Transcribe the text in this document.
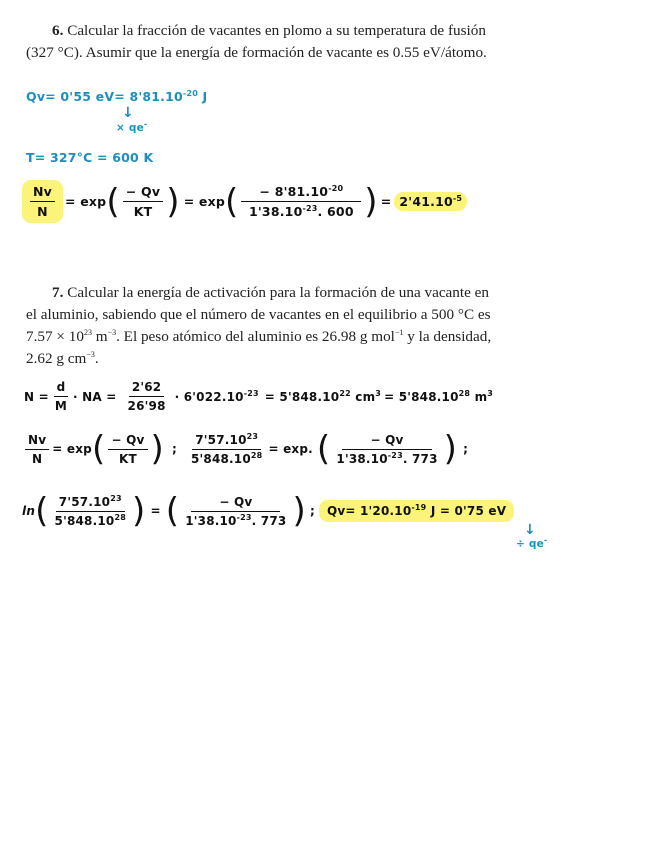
6. Calcular la fracción de vacantes en plomo a su temperatura de fusión
(327 °C). Asumir que la energía de formación de vacante es 0.55 eV/átomo.
Qv= 0'55 $eV= 8'81.10^{-20}$ J
↓
× qe-
T= 327°C = 600 K
$\frac{Nv}{N} = \exp$ ( $\frac{- Qv}{KT}$ ) = exp ( $\frac{- 8'81.10^{-20}}{1'38.10^{-23}. 600}$ ) = $2'41.10^{-5}$
7. Calcular la energía de activación para la formación de una vacante en
el aluminio, sabiendo que el número de vacantes en el equilibrio a 500 °C es
$7.57 \times 10^{23}$ $m^{-3}$. El peso atómico del aluminio es 26.98 g mol$^{-1}$ y la densidad,
2.62 g $cm^{-3}$.
$N = \frac{d}{M}$ · NA = $\frac{2'62}{26'98} \cdot 6'022.10^{-23} = 5'848.10^{22}$ $cm^3 = 5'848.10^{28}$ $m^3$
$\frac{Nv}{N} = \exp$ ( $\frac{- Qv}{KT}$ ) ; $\frac{7'57.10^{23}}{5'848.10^{28}} = \exp$. ( $\frac{- Qv}{1'38.10^{-23}. 773}$ ) ;
ln ( $\frac{7'57.10^{23}}{5'848.10^{28}}$ ) = ( $\frac{- Qv}{1'38.10^{-23}. 773}$ ) ;	$Qv= 1'20.10^{-19}$ J = 0'75 eV
↓
÷ qe-
